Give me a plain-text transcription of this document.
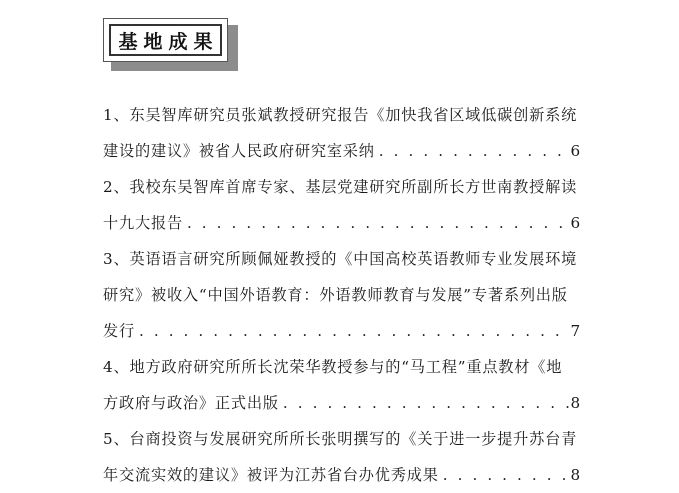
基地成果
1、东吴智库研究员张斌教授研究报告《加快我省区域低碳创新系统
建设的建议》被省人民政府研究室采纳 . . .	6
2、我校东吴智库首席专家、基层党建研究所副所长方世南教授解读
十九大报告 . . .	6
3、英语语言研究所顾佩娅教授的《中国高校英语教师专业发展环境
研究》被收入“中国外语教育：外语教师教育与发展”专著系列出版
发行 . . .	7
4、地方政府研究所所长沈荣华教授参与的“马工程”重点教材《地
方政府与政治》正式出版 . . .	8
5、台商投资与发展研究所所长张明撰写的《关于进一步提升苏台青
年交流实效的建议》被评为江苏省台办优秀成果 . . .	8
